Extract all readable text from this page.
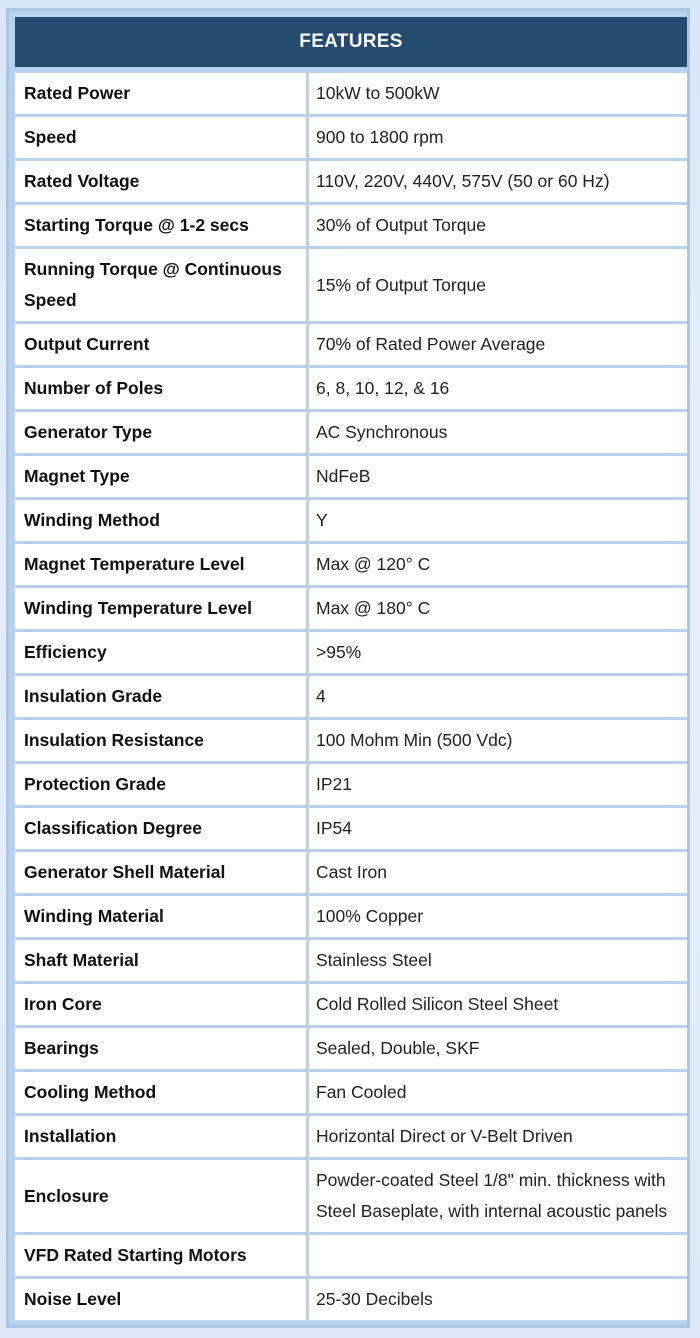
FEATURES
Rated Power	10kW to 500kW
Speed	900 to 1800 rpm
Rated Voltage	110V, 220V, 440V, 575V (50 or 60 Hz)
Starting Torque @ 1-2 secs	30% of Output Torque
Running Torque @ Continuous Speed	15% of Output Torque
Output Current	70% of Rated Power Average
Number of Poles	6, 8, 10, 12, & 16
Generator Type	AC Synchronous
Magnet Type	NdFeB
Winding Method	Y
Magnet Temperature Level	Max @ 120° C
Winding Temperature Level	Max @ 180° C
Efficiency	>95%
Insulation Grade	4
Insulation Resistance	100 Mohm Min (500 Vdc)
Protection Grade	IP21
Classification Degree	IP54
Generator Shell Material	Cast Iron
Winding Material	100% Copper
Shaft Material	Stainless Steel
Iron Core	Cold Rolled Silicon Steel Sheet
Bearings	Sealed, Double, SKF
Cooling Method	Fan Cooled
Installation	Horizontal Direct or V-Belt Driven
Enclosure	Powder-coated Steel 1/8" min. thickness with Steel Baseplate, with internal acoustic panels
VFD Rated Starting Motors	
Noise Level	25-30 Decibels
